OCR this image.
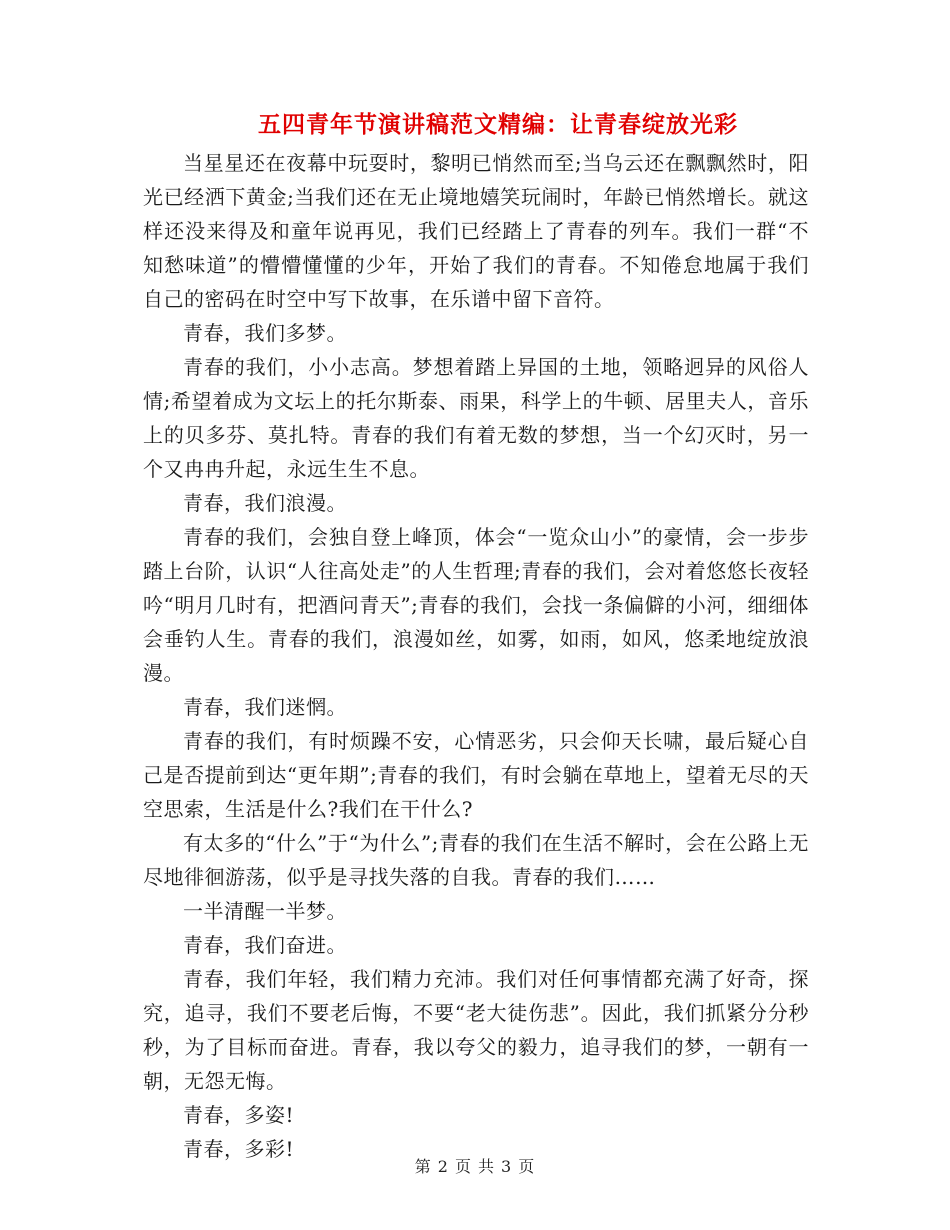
五四青年节演讲稿范文精编：让青春绽放光彩

当星星还在夜幕中玩耍时，黎明已悄然而至;当乌云还在飘飘然时，阳光已经洒下黄金;当我们还在无止境地嬉笑玩闹时，年龄已悄然增长。就这样还没来得及和童年说再见，我们已经踏上了青春的列车。我们一群“不知愁味道”的懵懵懂懂的少年，开始了我们的青春。不知倦怠地属于我们自己的密码在时空中写下故事，在乐谱中留下音符。

青春，我们多梦。

青春的我们，小小志高。梦想着踏上异国的土地，领略迥异的风俗人情;希望着成为文坛上的托尔斯泰、雨果，科学上的牛顿、居里夫人，音乐上的贝多芬、莫扎特。青春的我们有着无数的梦想，当一个幻灭时，另一个又冉冉升起，永远生生不息。

青春，我们浪漫。

青春的我们，会独自登上峰顶，体会“一览众山小”的豪情，会一步步踏上台阶，认识“人往高处走”的人生哲理;青春的我们，会对着悠悠长夜轻吟“明月几时有，把酒问青天”;青春的我们，会找一条偏僻的小河，细细体会垂钓人生。青春的我们，浪漫如丝，如雾，如雨，如风，悠柔地绽放浪漫。

青春，我们迷惘。

青春的我们，有时烦躁不安，心情恶劣，只会仰天长啸，最后疑心自己是否提前到达“更年期”;青春的我们，有时会躺在草地上，望着无尽的天空思索，生活是什么?我们在干什么?

有太多的“什么”于“为什么”;青春的我们在生活不解时，会在公路上无尽地徘徊游荡，似乎是寻找失落的自我。青春的我们……

一半清醒一半梦。

青春，我们奋进。

青春，我们年轻，我们精力充沛。我们对任何事情都充满了好奇，探究，追寻，我们不要老后悔，不要“老大徒伤悲”。因此，我们抓紧分分秒秒，为了目标而奋进。青春，我以夸父的毅力，追寻我们的梦，一朝有一朝，无怨无悔。

青春，多姿!

青春，多彩!

第 2 页 共 3 页
